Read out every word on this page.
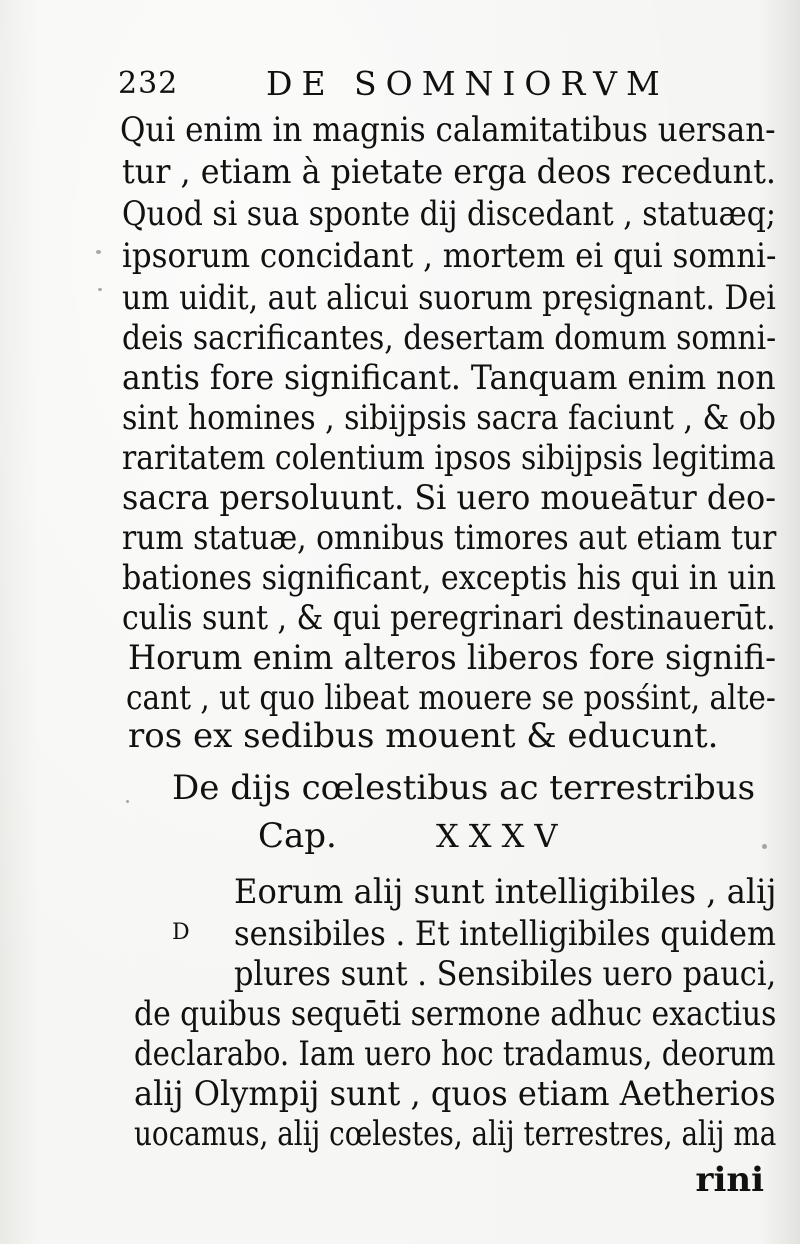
232	DE SOMNIORVM
Qui enim in magnis calamitatibus uersan-
tur , etiam à pietate erga deos recedunt.
Quod si sua sponte dij discedant , statuæq;
ipsorum concidant , mortem ei qui somni-
um uidit, aut alicui suorum pręsignant. Dei
deis sacrificantes, desertam domum somni-
antis fore significant. Tanquam enim non
sint homines , sibijpsis sacra faciunt , & ob
raritatem colentium ipsos sibijpsis legitima
sacra persoluunt. Si uero moueātur deo-
rum statuæ, omnibus timores aut etiam tur
bationes significant, exceptis his qui in uin
culis sunt , & qui peregrinari destinauerūt.
Horum enim alteros liberos fore signifi-
cant , ut quo libeat mouere se posśint, alte-
ros ex sedibus mouent & educunt.
De dijs cœlestibus ac terrestribus
Cap.	XXXV
D
Eorum alij sunt intelligibiles , alij
sensibiles . Et intelligibiles quidem
plures sunt . Sensibiles uero pauci,
de quibus sequēti sermone adhuc exactius
declarabo. Iam uero hoc tradamus, deorum
alij Olympij sunt , quos etiam Aetherios
uocamus, alij cœlestes, alij terrestres, alij ma
rini
